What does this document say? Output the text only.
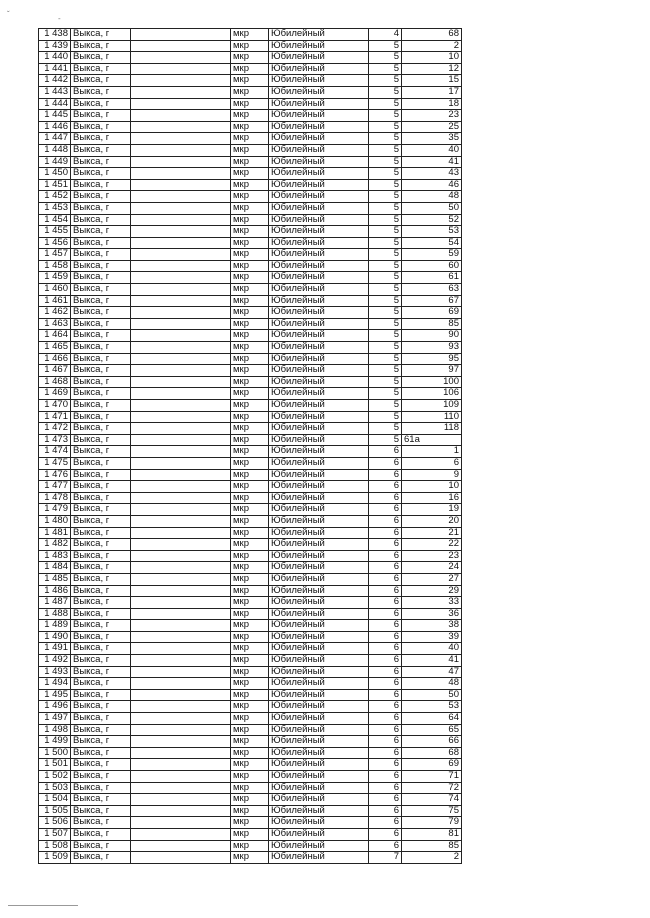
ˇ	-
1 438	Выкса, г		мкр	Юбилейный	4	68
1 439	Выкса, г		мкр	Юбилейный	5	2
1 440	Выкса, г		мкр	Юбилейный	5	10
1 441	Выкса, г		мкр	Юбилейный	5	12
1 442	Выкса, г		мкр	Юбилейный	5	15
1 443	Выкса, г		мкр	Юбилейный	5	17
1 444	Выкса, г		мкр	Юбилейный	5	18
1 445	Выкса, г		мкр	Юбилейный	5	23
1 446	Выкса, г		мкр	Юбилейный	5	25
1 447	Выкса, г		мкр	Юбилейный	5	35
1 448	Выкса, г		мкр	Юбилейный	5	40
1 449	Выкса, г		мкр	Юбилейный	5	41
1 450	Выкса, г		мкр	Юбилейный	5	43
1 451	Выкса, г		мкр	Юбилейный	5	46
1 452	Выкса, г		мкр	Юбилейный	5	48
1 453	Выкса, г		мкр	Юбилейный	5	50
1 454	Выкса, г		мкр	Юбилейный	5	52
1 455	Выкса, г		мкр	Юбилейный	5	53
1 456	Выкса, г		мкр	Юбилейный	5	54
1 457	Выкса, г		мкр	Юбилейный	5	59
1 458	Выкса, г		мкр	Юбилейный	5	60
1 459	Выкса, г		мкр	Юбилейный	5	61
1 460	Выкса, г		мкр	Юбилейный	5	63
1 461	Выкса, г		мкр	Юбилейный	5	67
1 462	Выкса, г		мкр	Юбилейный	5	69
1 463	Выкса, г		мкр	Юбилейный	5	85
1 464	Выкса, г		мкр	Юбилейный	5	90
1 465	Выкса, г		мкр	Юбилейный	5	93
1 466	Выкса, г		мкр	Юбилейный	5	95
1 467	Выкса, г		мкр	Юбилейный	5	97
1 468	Выкса, г		мкр	Юбилейный	5	100
1 469	Выкса, г		мкр	Юбилейный	5	106
1 470	Выкса, г		мкр	Юбилейный	5	109
1 471	Выкса, г		мкр	Юбилейный	5	110
1 472	Выкса, г		мкр	Юбилейный	5	118
1 473	Выкса, г		мкр	Юбилейный	5	61а
1 474	Выкса, г		мкр	Юбилейный	6	1
1 475	Выкса, г		мкр	Юбилейный	6	6
1 476	Выкса, г		мкр	Юбилейный	6	9
1 477	Выкса, г		мкр	Юбилейный	6	10
1 478	Выкса, г		мкр	Юбилейный	6	16
1 479	Выкса, г		мкр	Юбилейный	6	19
1 480	Выкса, г		мкр	Юбилейный	6	20
1 481	Выкса, г		мкр	Юбилейный	6	21
1 482	Выкса, г		мкр	Юбилейный	6	22
1 483	Выкса, г		мкр	Юбилейный	6	23
1 484	Выкса, г		мкр	Юбилейный	6	24
1 485	Выкса, г		мкр	Юбилейный	6	27
1 486	Выкса, г		мкр	Юбилейный	6	29
1 487	Выкса, г		мкр	Юбилейный	6	33
1 488	Выкса, г		мкр	Юбилейный	6	36
1 489	Выкса, г		мкр	Юбилейный	6	38
1 490	Выкса, г		мкр	Юбилейный	6	39
1 491	Выкса, г		мкр	Юбилейный	6	40
1 492	Выкса, г		мкр	Юбилейный	6	41
1 493	Выкса, г		мкр	Юбилейный	6	47
1 494	Выкса, г		мкр	Юбилейный	6	48
1 495	Выкса, г		мкр	Юбилейный	6	50
1 496	Выкса, г		мкр	Юбилейный	6	53
1 497	Выкса, г		мкр	Юбилейный	6	64
1 498	Выкса, г		мкр	Юбилейный	6	65
1 499	Выкса, г		мкр	Юбилейный	6	66
1 500	Выкса, г		мкр	Юбилейный	6	68
1 501	Выкса, г		мкр	Юбилейный	6	69
1 502	Выкса, г		мкр	Юбилейный	6	71
1 503	Выкса, г		мкр	Юбилейный	6	72
1 504	Выкса, г		мкр	Юбилейный	6	74
1 505	Выкса, г		мкр	Юбилейный	6	75
1 506	Выкса, г		мкр	Юбилейный	6	79
1 507	Выкса, г		мкр	Юбилейный	6	81
1 508	Выкса, г		мкр	Юбилейный	6	85
1 509	Выкса, г		мкр	Юбилейный	7	2
